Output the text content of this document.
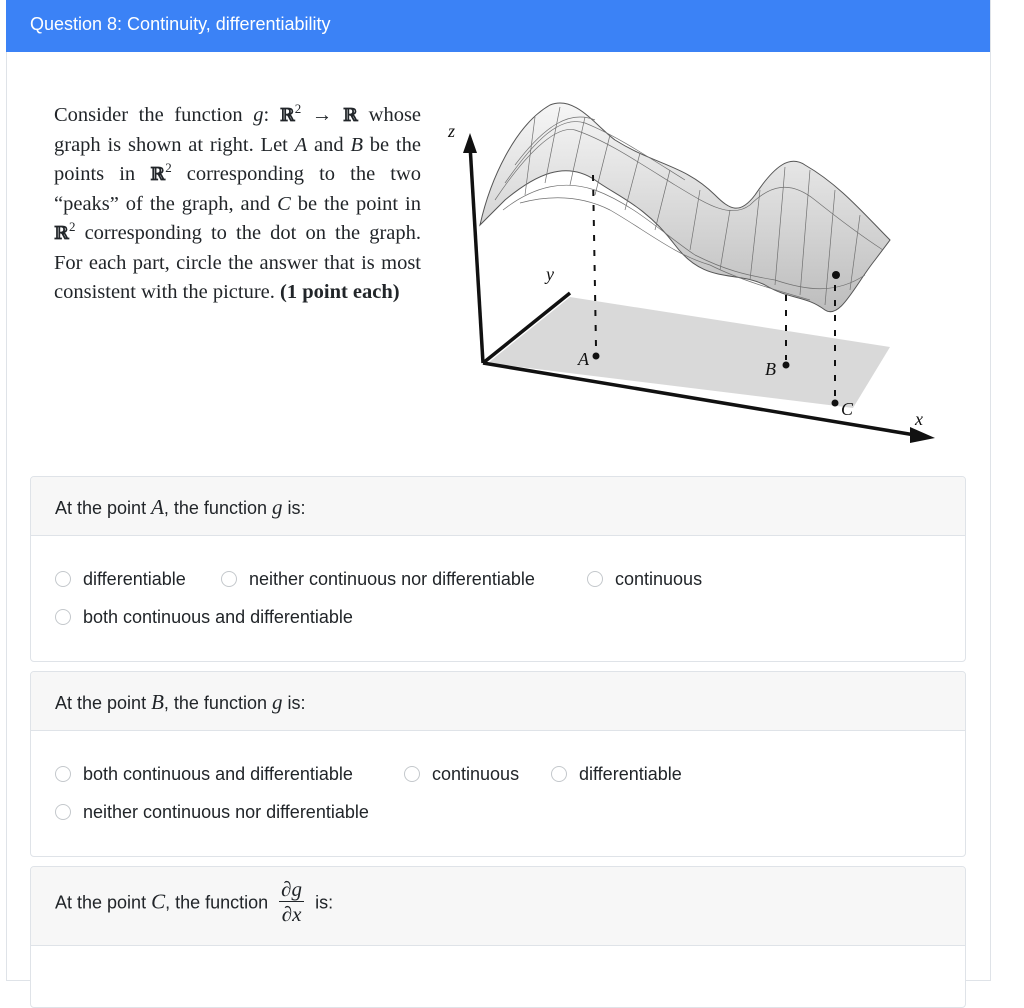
Question 8: Continuity, differentiability
Consider the function g: ℝ$^2$ → ℝ whose graph is shown at right. Let A and B be the points in ℝ$^2$ corresponding to the two “peaks” of the graph, and C be the point in ℝ$^2$ corresponding to the dot on the graph. For each part, circle the answer that is most consistent with the picture. (1 point each)
z
y
x
A	B
C
At the point A, the function g is:
differentiable	neither continuous nor differentiable	continuous
both continuous and differentiable
At the point B, the function g is:
both continuous and differentiable	continuous	differentiable
neither continuous nor differentiable
At the point C, the function $\frac{\partial g}{\partial x}$ is:
